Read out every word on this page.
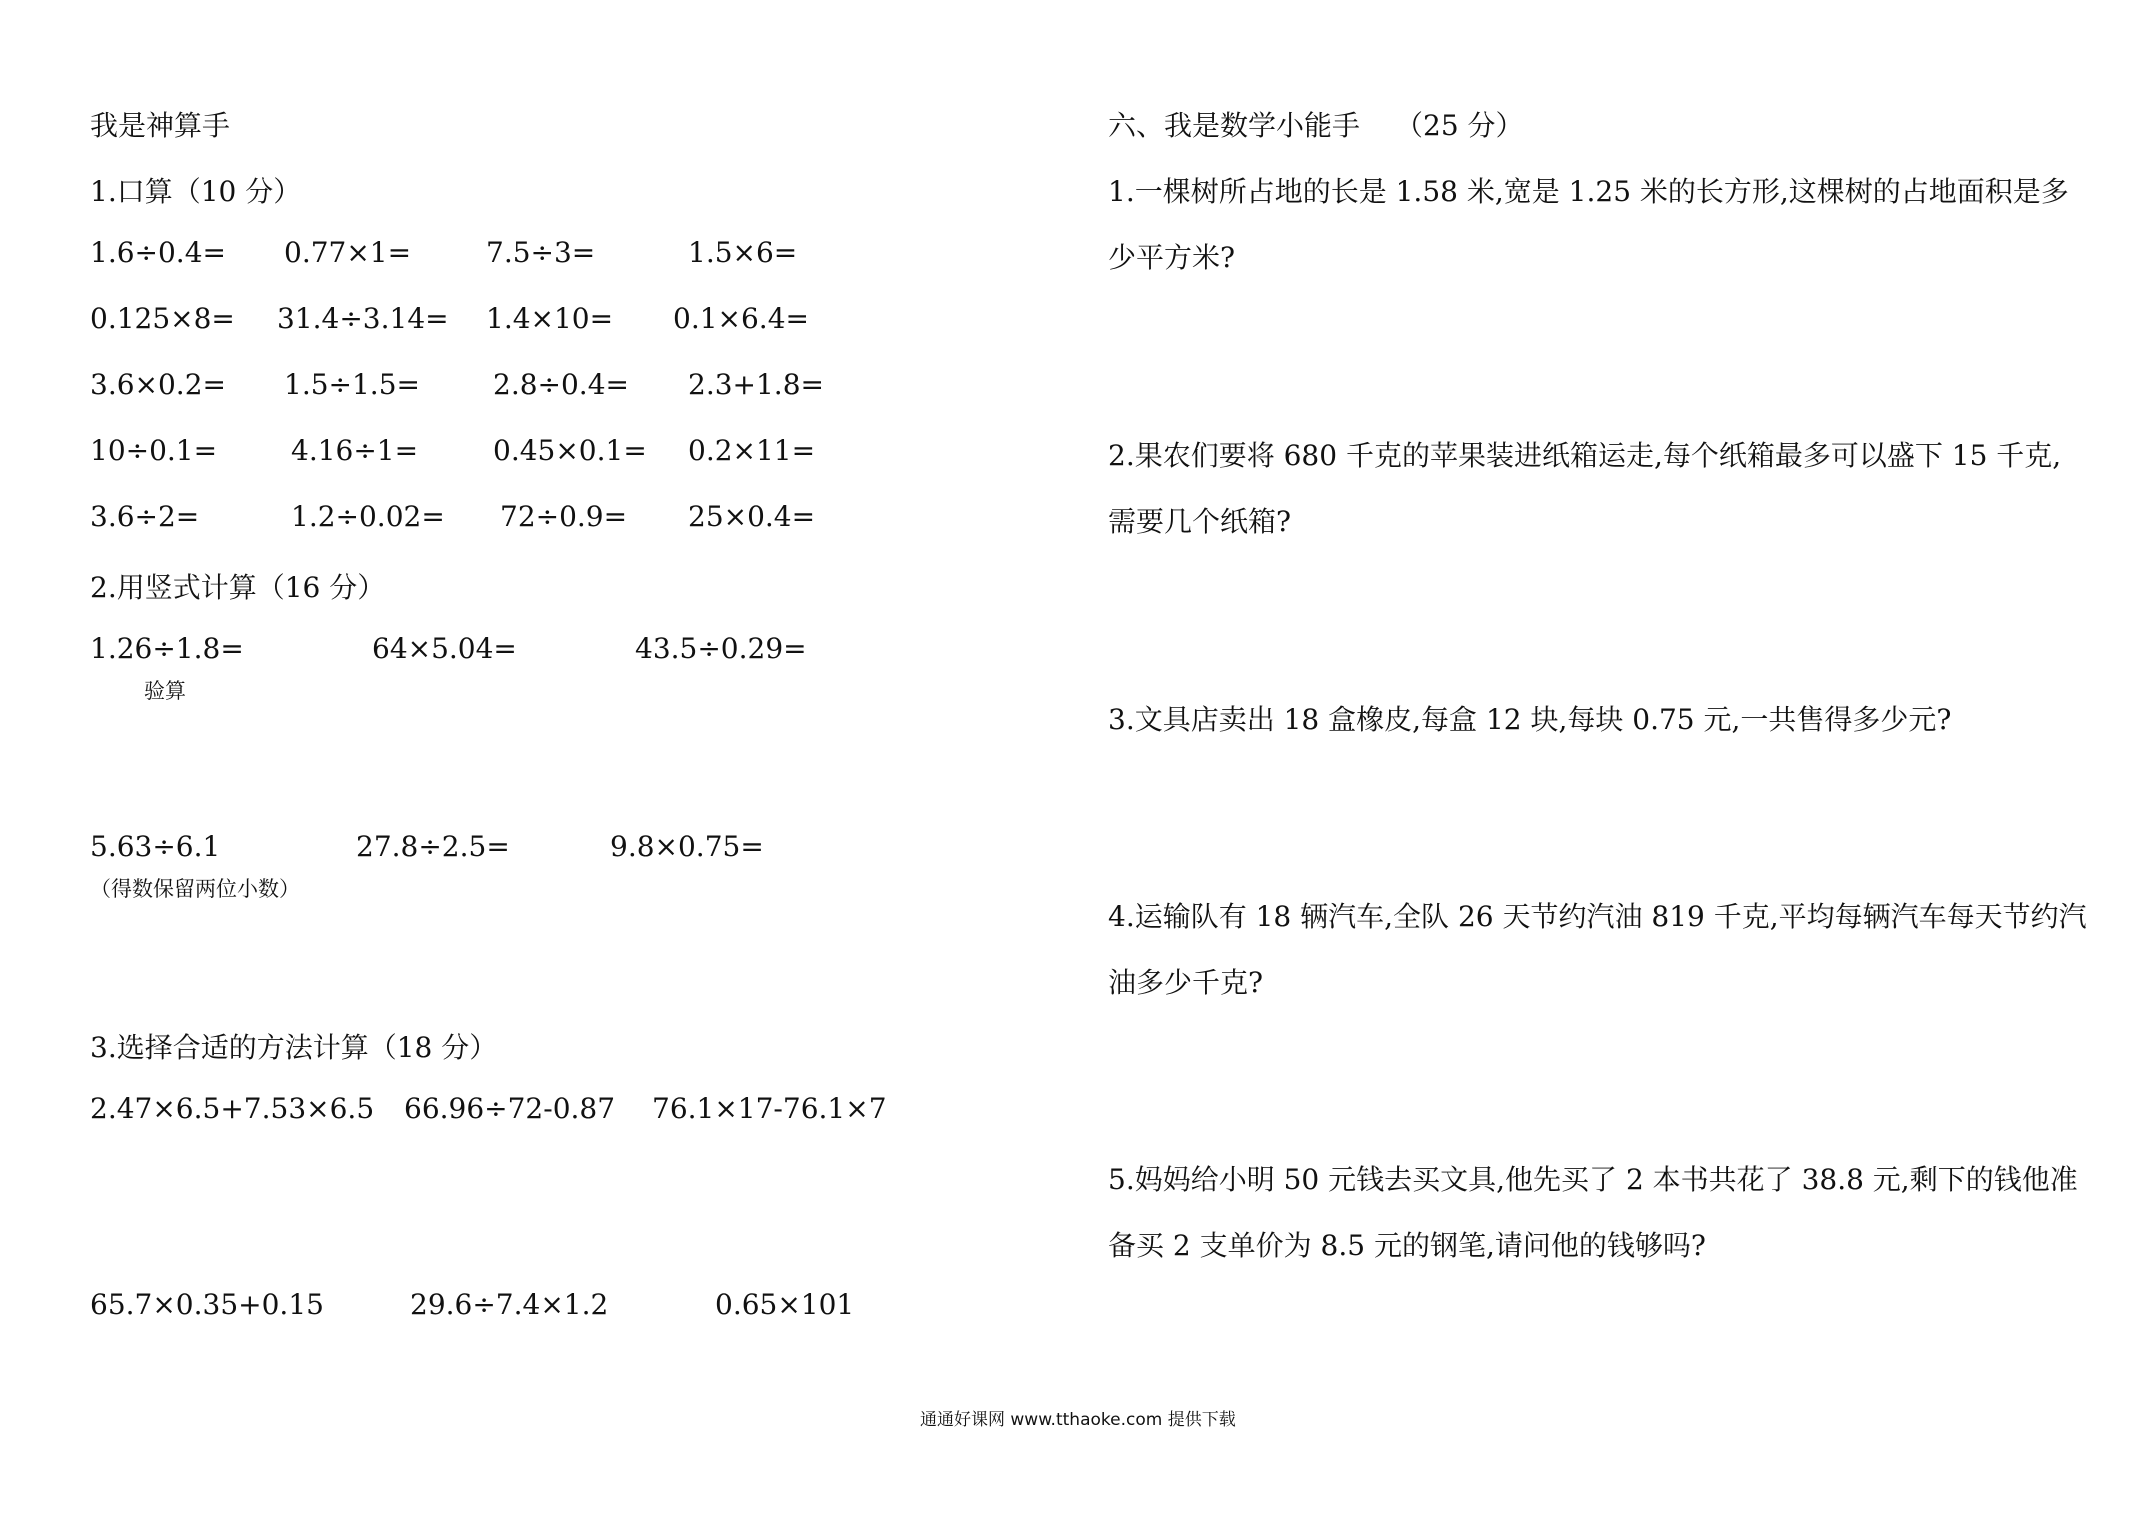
我是神算手
1.口算（10 分）
1.6÷0.4= 0.77×1=	7.5÷3=	1.5×6=
0.125×8= 31.4÷3.14= 1.4×10= 0.1×6.4=
3.6×0.2= 1.5÷1.5=	2.8÷0.4= 2.3+1.8=
10÷0.1=	4.16÷1=	0.45×0.1= 0.2×11=
3.6÷2=	1.2÷0.02= 72÷0.9= 25×0.4=
2.用竖式计算（16 分）
1.26÷1.8=	64×5.04=	43.5÷0.29=
验算
5.63÷6.1	27.8÷2.5=	9.8×0.75=
（得数保留两位小数）
3.选择合适的方法计算（18 分）
2.47×6.5+7.53×6.5 66.96÷72-0.87 76.1×17-76.1×7
65.7×0.35+0.15	29.6÷7.4×1.2	0.65×101
六、我是数学小能手 （25 分）
1.一棵树所占地的长是 1.58 米,宽是 1.25 米的长方形,这棵树的占地面积是多
少平方米?
2.果农们要将 680 千克的苹果装进纸箱运走,每个纸箱最多可以盛下 15 千克,
需要几个纸箱?
3.文具店卖出 18 盒橡皮,每盒 12 块,每块 0.75 元,一共售得多少元?
4.运输队有 18 辆汽车,全队 26 天节约汽油 819 千克,平均每辆汽车每天节约汽
油多少千克?
5.妈妈给小明 50 元钱去买文具,他先买了 2 本书共花了 38.8 元,剩下的钱他准
备买 2 支单价为 8.5 元的钢笔,请问他的钱够吗?
通通好课网 www.tthaoke.com 提供下载
